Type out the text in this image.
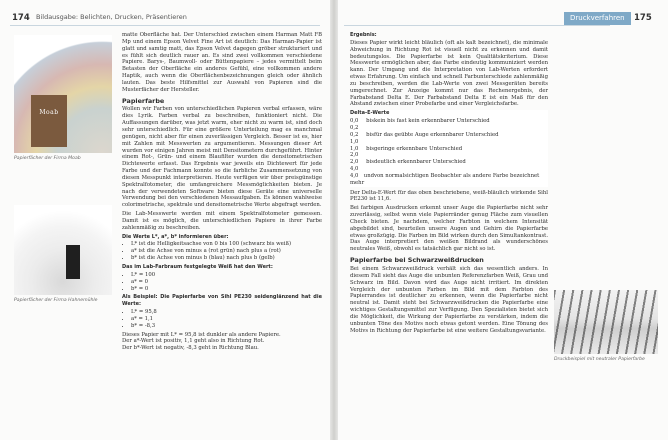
174 Bildausgabe: Belichten, Drucken, Präsentieren
Moab
Papierfächer der Firma Moab
Papierfächer der Firma Hahnemühle

matte Oberfläche hat. Der Unterschied zwischen einem Harman Matt FB Mp und einem Epson Velvet Fine Art ist deutlich: Das Harman-Papier ist glatt und samtig matt, das Epson Velvet dagegen gröber strukturiert und es fühlt sich deutlich rauer an. Es sind zwei vollkommen verschiedene Papiere. Barys-, Baumwoll- oder Büttenpapiere – jedes vermittelt beim Betasten der Oberfläche ein anderes Gefühl, eine vollkommen andere Haptik, auch wenn die Oberflächenbezeichnungen gleich oder ähnlich lauten. Das beste Hilfsmittel zur Auswahl von Papieren sind die Musterfächer der Hersteller.

Papierfarbe

Wollen wir Farben von unterschiedlichen Papieren verbal erfassen, wäre dies Lyrik. Farben verbal zu beschreiben, funktioniert nicht. Die Auffassungen darüber, was jetzt warm, eher nicht zu warm ist, sind doch sehr unterschiedlich. Für eine größere Unterteilung mag es manchmal genügen, nicht aber für einen zuverlässigen Vergleich. Besser ist es, hier mit Zahlen mit Messwerten zu argumentieren. Messungen dieser Art wurden vor einigen Jahren meist mit Densitometern durchgeführt. Hinter einem Rot-, Grün- und einem Blaufilter wurden die densitometrischen Dichtewerte erfasst. Das Ergebnis war jeweils ein Dichtewert für jede Farbe und der Fachmann konnte so die farbliche Zusammensetzung von diesen Messpunkt interpretieren. Heute verfügen wir über preisgünstige Spektralfotometer, die umfangreichere Messmöglichkeiten bieten. Je nach der verwendeten Software bieten diese Geräte eine universelle Verwendung bei den verschiedenen Messaufgaben. Es können wahlweise colorimetrische, spektrale und densitometrische Werte abgefragt werden.

Die Lab-Messwerte werden mit einem Spektralfotometer gemessen. Damit ist es möglich, die unterschiedlichen Papiere in ihrer Farbe zahlenmäßig zu beschreiben.

Die Werte L*, a*, b* informieren über:
• L* ist die Helligkeitsachse von 0 bis 100 (schwarz bis weiß)
• a* ist die Achse von minus a (rot grün) nach plus a (rot)
• b* ist die Achse von minus b (blau) nach plus b (gelb)
Das im Lab-Farbraum festgelegte Weiß hat den Wert:
• L* = 100
• a* = 0
• b* = 0
Als Beispiel: Die Papierfarbe von Sihl PE230 seidenglänzend hat die Werte:
• L* = 95,8
• a* = 1,1
• b* = -8,3

Dieses Papier mit L* = 95,8 ist dunkler als andere Papiere.

Der a*-Wert ist positiv, 1,1 geht also in Richtung Rot.

Der b*-Wert ist negativ, -8,3 geht in Richtung Blau.

Druckverfahren	175
Ergebnis:

Dieses Papier wirkt leicht bläulich (oft als kalt bezeichnet), die minimale Abweichung in Richtung Rot ist visuell nicht zu erkennen und damit bedeutungslos. Die Papierfarbe ist kein Qualitätskriterium. Diese Messwerte ermöglichen aber, das Farbe eindeutig kommuniziert werden kann. Der Umgang und die Interpretation von Lab-Werten erfordert etwas Erfahrung. Um einfach und schnell Farbunterschiede zahlenmäßig zu beschreiben, werden die Lab-Werte von zwei Messgeräten bereits umgerechnet. Zur Anzeige kommt nur das Rechenergebnis, der Farbabstand Delta E. Der Farbabstand Delta E ist ein Maß für den Abstand zwischen einer Probefarbe und einer Vergleichsfarbe.

Delta-E-Werte
0,0 bis 0,2
kein bis fast kein erkennbarer Unterschied
0,2 bis 1,0
für das geübte Auge erkennbarer Unterschied
1,0 bis 2,0
geringe erkennbare Unterschied
2,0 bis 4,0
deutlich erkennbarer Unterschied
4,0 und mehr
von normalsichtigen Beobachter als andere Farbe bezeichnet

Der Delta-E-Wert für das oben beschriebene, weiß-bläulich wirkende Sihl PE230 ist 11,6.

Bei farbigen Ausdrucken erkennt unser Auge die Papierfarbe nicht sehr zuverlässig, selbst wenn viele Papierränder genug Fläche zum visuellen Check bieten. Je nachdem, welcher Farbton in welchem Intensität abgebildet sind, beurteilen unsere Augen und Gehirn die Papierfarbe etwas großzügig. Die Farben im Bild wirken durch den Simultankontrast. Das Auge interpretiert den weißen Bildrand als wunderschönes neutrales Weiß, obwohl es tatsächlich gar nicht so ist.

Papierfarbe bei Schwarzweißdrucken

Bei einem Schwarzweißdruck verhält sich das wesentlich anders. In diesem Fall sieht das Auge die unbunten Referenzfarben Weiß, Grau und Schwarz im Bild. Davon wird das Auge nicht irritiert. Im direkten Vergleich der unbunten Farben im Bild mit dem Farbton des Papierrandes ist deutlicher zu erkennen, wenn die Papierfarbe nicht neutral ist. Damit steht bei Schwarzweißdrucken die Papierfarbe eine wichtiges Gestaltungsmittel zur Verfügung. Den Spezialisten bietet sich die Möglichkeit, die Wirkung der Papierfarbe zu verstärken, indem die unbunten Töne des Motivs noch etwas getont werden. Eine Tönung des Motivs in Richtung der Papierfarbe ist eine weitere Gestaltungsvariante.

Druckbeispiel mit neutraler Papierfarbe
